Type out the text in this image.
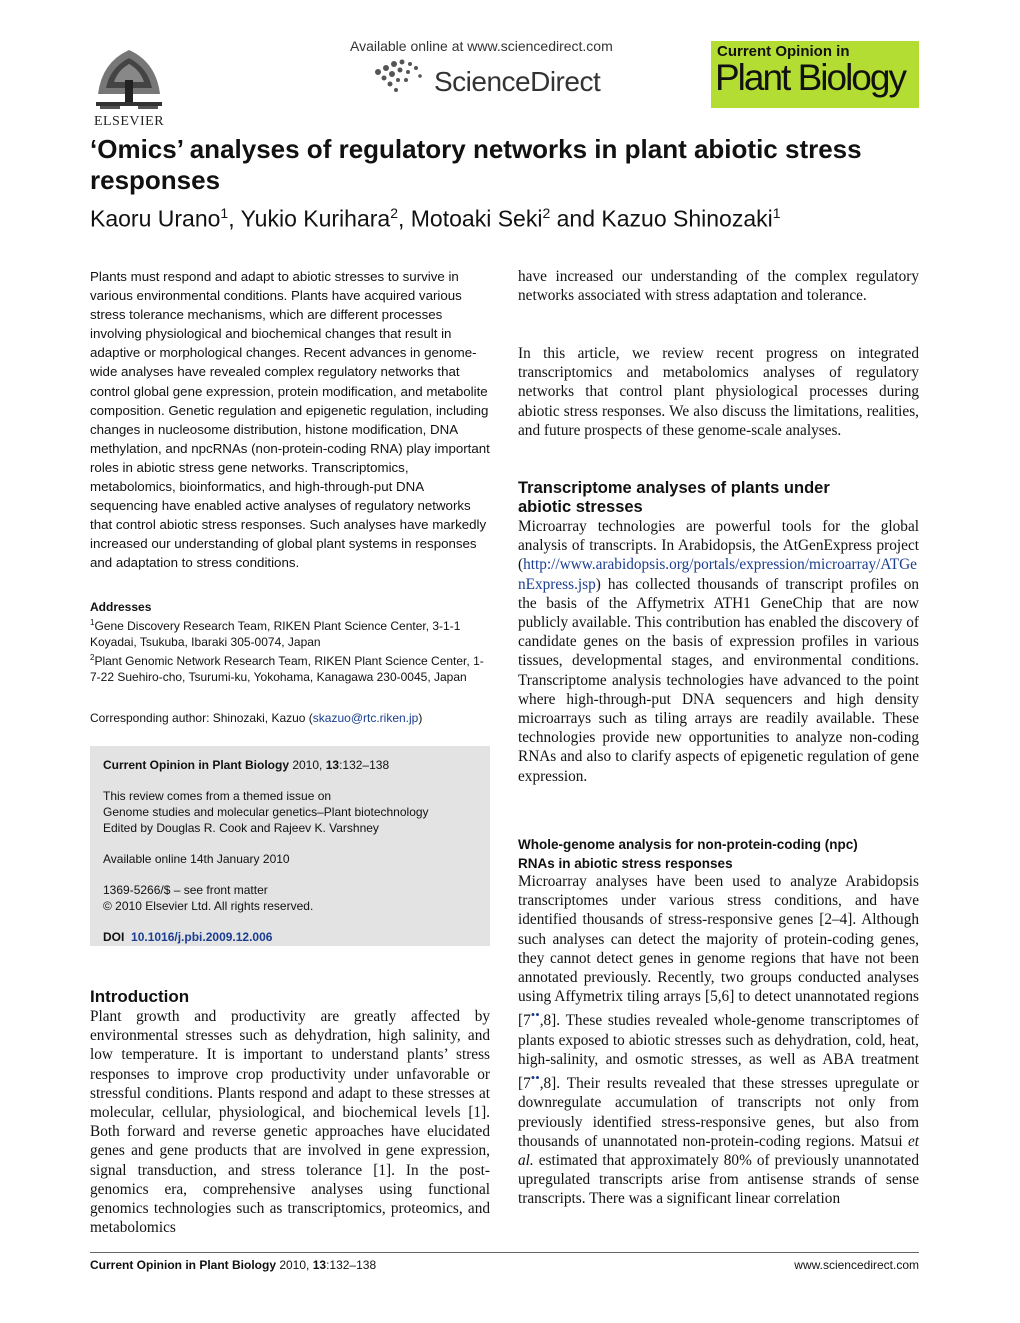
ELSEVIER
Available online at www.sciencedirect.com
ScienceDirect
Current Opinion in
Plant Biology
‘Omics’ analyses of regulatory networks in plant abiotic stress
responses
Kaoru Urano$^1$, Yukio Kurihara$^2$, Motoaki Seki$^2$ and Kazuo Shinozaki$^1$

Plants must respond and adapt to abiotic stresses to survive in various environmental conditions. Plants have acquired various stress tolerance mechanisms, which are different processes involving physiological and biochemical changes that result in adaptive or morphological changes. Recent advances in genome-wide analyses have revealed complex regulatory networks that control global gene expression, protein modification, and metabolite composition. Genetic regulation and epigenetic regulation, including changes in nucleosome distribution, histone modification, DNA methylation, and npcRNAs (non-protein-coding RNA) play important roles in abiotic stress gene networks. Transcriptomics, metabolomics, bioinformatics, and high-through-put DNA sequencing have enabled active analyses of regulatory networks that control abiotic stress responses. Such analyses have markedly increased our understanding of global plant systems in responses and adaptation to stress conditions.

Addresses
$^1$Gene Discovery Research Team, RIKEN Plant Science Center, 3-1-1 Koyadai, Tsukuba, Ibaraki 305-0074, Japan
$^2$Plant Genomic Network Research Team, RIKEN Plant Science Center, 1-7-22 Suehiro-cho, Tsurumi-ku, Yokohama, Kanagawa 230-0045, Japan
Corresponding author: Shinozaki, Kazuo (skazuo@rtc.riken.jp)
Current Opinion in Plant Biology 2010, 13:132–138
This review comes from a themed issue on
Genome studies and molecular genetics–Plant biotechnology
Edited by Douglas R. Cook and Rajeev K. Varshney
Available online 14th January 2010
1369-5266/$ – see front matter
© 2010 Elsevier Ltd. All rights reserved.
DOI 10.1016/j.pbi.2009.12.006
Introduction
Plant growth and productivity are greatly affected by environmental stresses such as dehydration, high salinity, and low temperature. It is important to understand plants’ stress responses to improve crop productivity under unfavorable or stressful conditions. Plants respond and adapt to these stresses at molecular, cellular, physiological, and biochemical levels [1]. Both forward and reverse genetic approaches have elucidated genes and gene products that are involved in gene expression, signal transduction, and stress tolerance [1]. In the post-genomics era, comprehensive analyses using functional genomics technologies such as transcriptomics, proteomics, and metabolomics
have increased our understanding of the complex regulatory networks associated with stress adaptation and tolerance.
In this article, we review recent progress on integrated transcriptomics and metabolomics analyses of regulatory networks that control plant physiological processes during abiotic stress responses. We also discuss the limitations, realities, and future prospects of these genome-scale analyses.
Transcriptome analyses of plants under
abiotic stresses
Microarray technologies are powerful tools for the global analysis of transcripts. In Arabidopsis, the AtGenExpress project (http://www.arabidopsis.org/portals/expression/microarray/ATGenExpress.jsp) has collected thousands of transcript profiles on the basis of the Affymetrix ATH1 GeneChip that are now publicly available. This contribution has enabled the discovery of candidate genes on the basis of expression profiles in various tissues, developmental stages, and environmental conditions. Transcriptome analysis technologies have advanced to the point where high-through-put DNA sequencers and high density microarrays such as tiling arrays are readily available. These technologies provide new opportunities to analyze non-coding RNAs and also to clarify aspects of epigenetic regulation of gene expression.
Whole-genome analysis for non-protein-coding (npc)
RNAs in abiotic stress responses
Microarray analyses have been used to analyze Arabidopsis transcriptomes under various stress conditions, and have identified thousands of stress-responsive genes [2–4]. Although such analyses can detect the majority of protein-coding genes, they cannot detect genes in genome regions that have not been annotated previously. Recently, two groups conducted analyses using Affymetrix tiling arrays [5,6] to detect unannotated regions [7••,8]. These studies revealed whole-genome transcriptomes of plants exposed to abiotic stresses such as dehydration, cold, heat, high-salinity, and osmotic stresses, as well as ABA treatment [7••,8]. Their results revealed that these stresses upregulate or downregulate accumulation of transcripts not only from previously identified stress-responsive genes, but also from thousands of unannotated non-protein-coding regions. Matsui et al. estimated that approximately 80% of previously unannotated upregulated transcripts arise from antisense strands of sense transcripts. There was a significant linear correlation
Current Opinion in Plant Biology 2010, 13:132–138	www.sciencedirect.com
